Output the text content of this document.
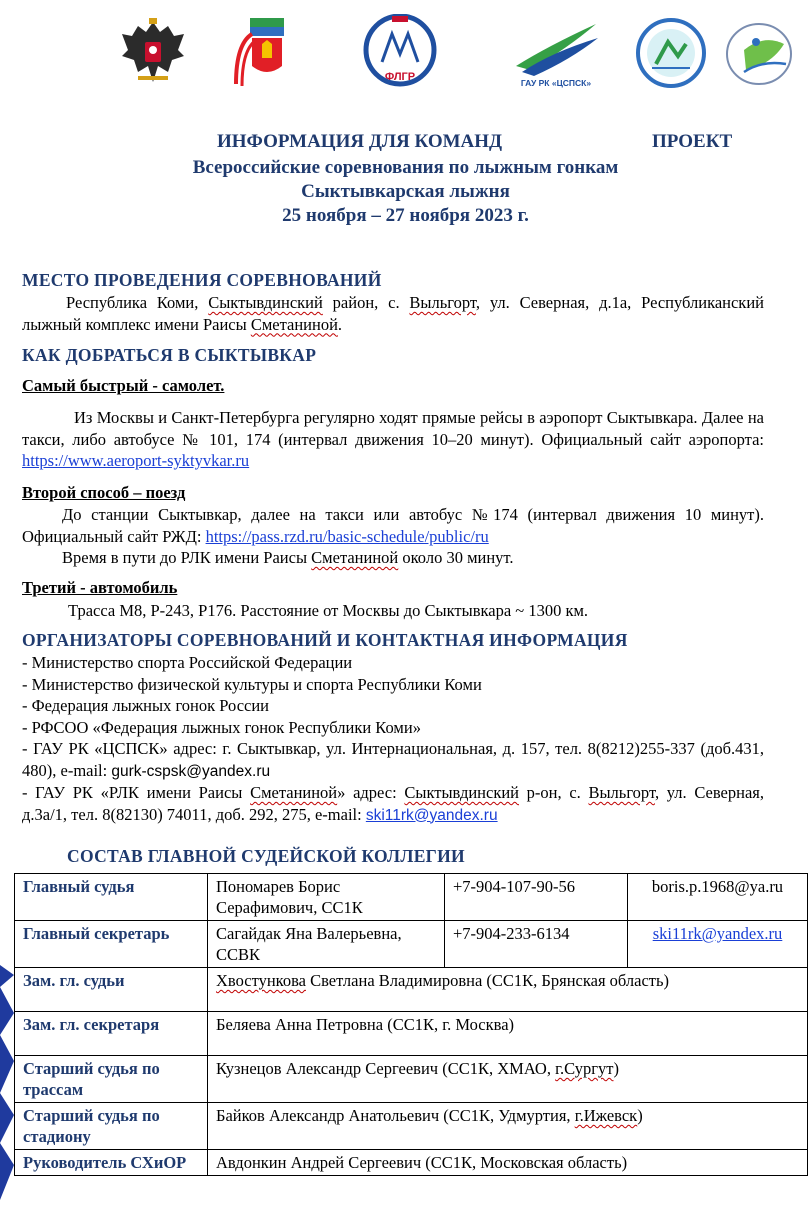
ФЛГР	ГАУ РК «ЦСПСК»
ИНФОРМАЦИЯ ДЛЯ КОМАНД	ПРОЕКТ
Всероссийские соревнования по лыжным гонкам
Сыктывкарская лыжня
25 ноября – 27 ноября 2023 г.
МЕСТО ПРОВЕДЕНИЯ СОРЕВНОВАНИЙ
Республика Коми, Сыктывдинский район, с. Выльгорт, ул. Северная, д.1а, Республиканский лыжный комплекс имени Раисы Сметаниной.
КАК ДОБРАТЬСЯ В СЫКТЫВКАР
Самый быстрый - самолет.
Из Москвы и Санкт-Петербурга регулярно ходят прямые рейсы в аэропорт Сыктывкара. Далее на такси, либо автобусе № 101, 174 (интервал движения 10–20 минут). Официальный сайт аэропорта: https://www.aeroport-syktyvkar.ru
Второй способ – поезд
До станции Сыктывкар, далее на такси или автобус №174 (интервал движения 10 минут). Официальный сайт РЖД: https://pass.rzd.ru/basic-schedule/public/ru
Время в пути до РЛК имени Раисы Сметаниной около 30 минут.
Третий - автомобиль
Трасса М8, Р-243, Р176. Расстояние от Москвы до Сыктывкара ~ 1300 км.
ОРГАНИЗАТОРЫ СОРЕВНОВАНИЙ И КОНТАКТНАЯ ИНФОРМАЦИЯ
- Министерство спорта Российской Федерации
- Министерство физической культуры и спорта Республики Коми
- Федерация лыжных гонок России
- РФСОО «Федерация лыжных гонок Республики Коми»
- ГАУ РК «ЦСПСК» адрес: г. Сыктывкар, ул. Интернациональная, д. 157, тел. 8(8212)255-337 (доб.431, 480), e-mail: gurk-cspsk@yandex.ru
- ГАУ РК «РЛК имени Раисы Сметаниной» адрес: Сыктывдинский р-он, с. Выльгорт, ул. Северная, д.3а/1, тел. 8(82130) 74011, доб. 292, 275, e-mail: ski11rk@yandex.ru
СОСТАВ ГЛАВНОЙ СУДЕЙСКОЙ КОЛЛЕГИИ
Главный судья	Пономарев Борис Серафимович, СС1К	+7-904-107-90-56	boris.p.1968@ya.ru
Главный секретарь	Сагайдак Яна Валерьевна, ССВК	+7-904-233-6134	ski11rk@yandex.ru
Зам. гл. судьи	Хвостункова Светлана Владимировна (СС1К, Брянская область)		
Зам. гл. секретаря	Беляева Анна Петровна (СС1К, г. Москва)		
Старший судья по трассам	Кузнецов Александр Сергеевич (СС1К, ХМАО, г.Сургут)		
Старший судья по стадиону	Байков Александр Анатольевич (СС1К, Удмуртия, г.Ижевск)		
Руководитель СХиОР	Авдонкин Андрей Сергеевич (СС1К, Московская область)		
